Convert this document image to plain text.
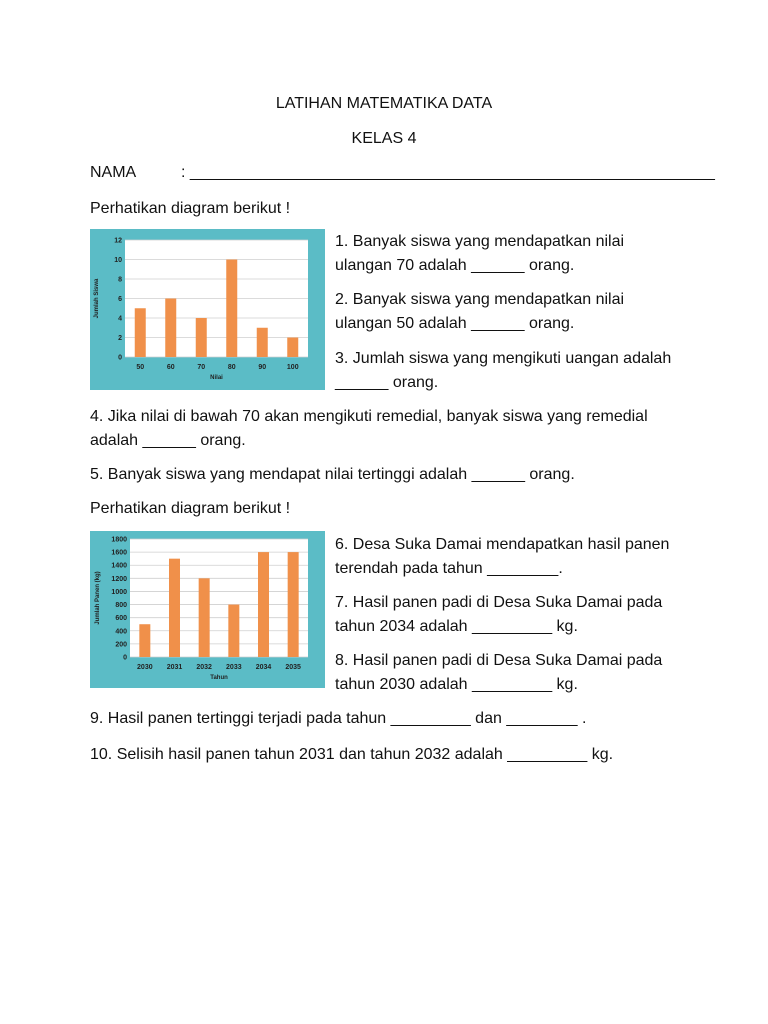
LATIHAN MATEMATIKA DATA
KELAS 4
NAMA	: ___________________________________________________________
Perhatikan diagram berikut !
0
2
4
6
8
10
12
50	60	70	80	90	100
Nilai
Jumlah Siswa
diaryguru.com 1. Banyak siswa yang mendapatkan nilai ulangan 70 adalah ______ orang.
2. Banyak siswa yang mendapatkan nilai ulangan 50 adalah ______ orang.
3. Jumlah siswa yang mengikuti uangan adalah ______ orang.
4. Jika nilai di bawah 70 akan mengikuti remedial, banyak siswa yang remedial adalah ______ orang.
5. Banyak siswa yang mendapat nilai tertinggi adalah ______ orang.
Perhatikan diagram berikut !
0
200
400
600
800
1000
1200
1400
1600
1800
2030 2031 2032 2033 2034 2035
Tahun
Jumlah Panen (kg)
diaryguru.com 6. Desa Suka Damai mendapatkan hasil panen terendah pada tahun ________.
7. Hasil panen padi di Desa Suka Damai pada tahun 2034 adalah _________ kg.
8. Hasil panen padi di Desa Suka Damai pada tahun 2030 adalah _________ kg.
9. Hasil panen tertinggi terjadi pada tahun _________ dan ________ .
10. Selisih hasil panen tahun 2031 dan tahun 2032 adalah _________ kg.
